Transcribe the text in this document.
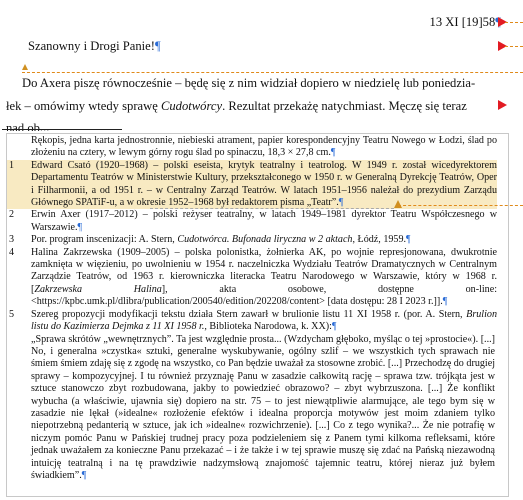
13 XI [19]58¶
Szanowny i Drogi Panie!¶
Do Axera piszę równocześnie – będę się z nim widział dopiero w niedzielę lub poniedzia-
łek – omówimy wtedy sprawę Cudotwórcy. Rezultat przekażę natychmiast. Męczę się teraz
nad ob...
Rękopis, jedna karta jednostronnie, niebieski atrament, papier korespondencyjny Teatru Nowego w Łodzi, ślad po złożeniu na cztery, w lewym górny rogu ślad po spinaczu, 18,3 × 27,8 cm.¶
1	Edward Csató (1920–1968) – polski eseista, krytyk teatralny i teatrolog. W 1949 r. został wicedyrektorem Departamentu Teatrów w Ministerstwie Kultury, przekształconego w 1950 r. w Generalną Dyrekcję Teatrów, Oper i Filharmonii, a od 1951 r. – w Centralny Zarząd Teatrów. W latach 1951–1956 należał do prezydium Zarządu Głównego SPATiF-u, a w okresie 1952–1968 był redaktorem pisma „Teatr”.¶
2	Erwin Axer (1917–2012) – polski reżyser teatralny, w latach 1949–1981 dyrektor Teatru Współczesnego w Warszawie.¶
3	Por. program inscenizacji: A. Stern, Cudotwórca. Bufonada liryczna w 2 aktach, Łódź, 1959.¶
4	Halina Zakrzewska (1909–2005) – polska polonistka, żołnierka AK, po wojnie represjonowana, dwukrotnie zamknięta w więzieniu, po uwolnieniu w 1954 r. naczelniczka Wydziału Teatrów Dramatycznych w Centralnym Zarządzie Teatrów, od 1963 r. kierowniczka literacka Teatru Narodowego w Warszawie, który w 1968 r. [Zakrzewska Halina], akta osobowe, dostępne on-line: <https://kpbc.umk.pl/dlibra/publication/200540/edition/202208/content> [data dostępu: 28 I 2023 r.]].¶
5	Szereg propozycji modyfikacji tekstu działa Stern zawarł w brulionie listu 11 XI 1958 r. (por. A. Stern, Brulion listu do Kazimierza Dejmka z 11 XI 1958 r., Biblioteka Narodowa, k. XX):¶
„Sprawa skrótów „wewnętrznych”. Ta jest względnie prosta... (Wzdycham głęboko, myśląc o tej »prostocie«). [...] No, i generalna »czystka« sztuki, generalne wyskubywanie, ogólny szlif – we wszystkich tych sprawach nie śmiem śmiem zdaję się z zgodę na wszystko, co Pan będzie uważał za stosowne zrobić. [...] Przechodzę do drugiej sprawy – kompozycyjnej. I tu również przyznaję Panu w zasadzie całkowitą rację – sprawa tzw. trójkąta jest w sztuce stanowczo zbyt rozbudowana, jakby to powiedzieć obrazowo? – zbyt wybrzuszona. [...] Że konflikt wybucha (a właściwie, ujawnia się) dopiero na str. 75 – to jest niewątpliwie alarmujące, ale tego bym się w zasadzie nie lękał (»idealne« rozłożenie efektów i idealna proporcja motywów jest moim zdaniem tylko niepotrzebną pedanterią w sztuce, jak ich »idealne« rozwichrzenie). [...] Co z tego wynika?... Że nie potrafię w niczym pomóc Panu w Pańskiej trudnej pracy poza podzieleniem się z Panem tymi kilkoma refleksami, które jednak uważałem za konieczne Panu przekazać – i że także i w tej sprawie muszę się zdać na Pańską niezawodną intuicję teatralną i na tę prawdziwie nadzymsłową znajomość tajemnic teatru, której nieraz już byłem świadkiem”.¶
